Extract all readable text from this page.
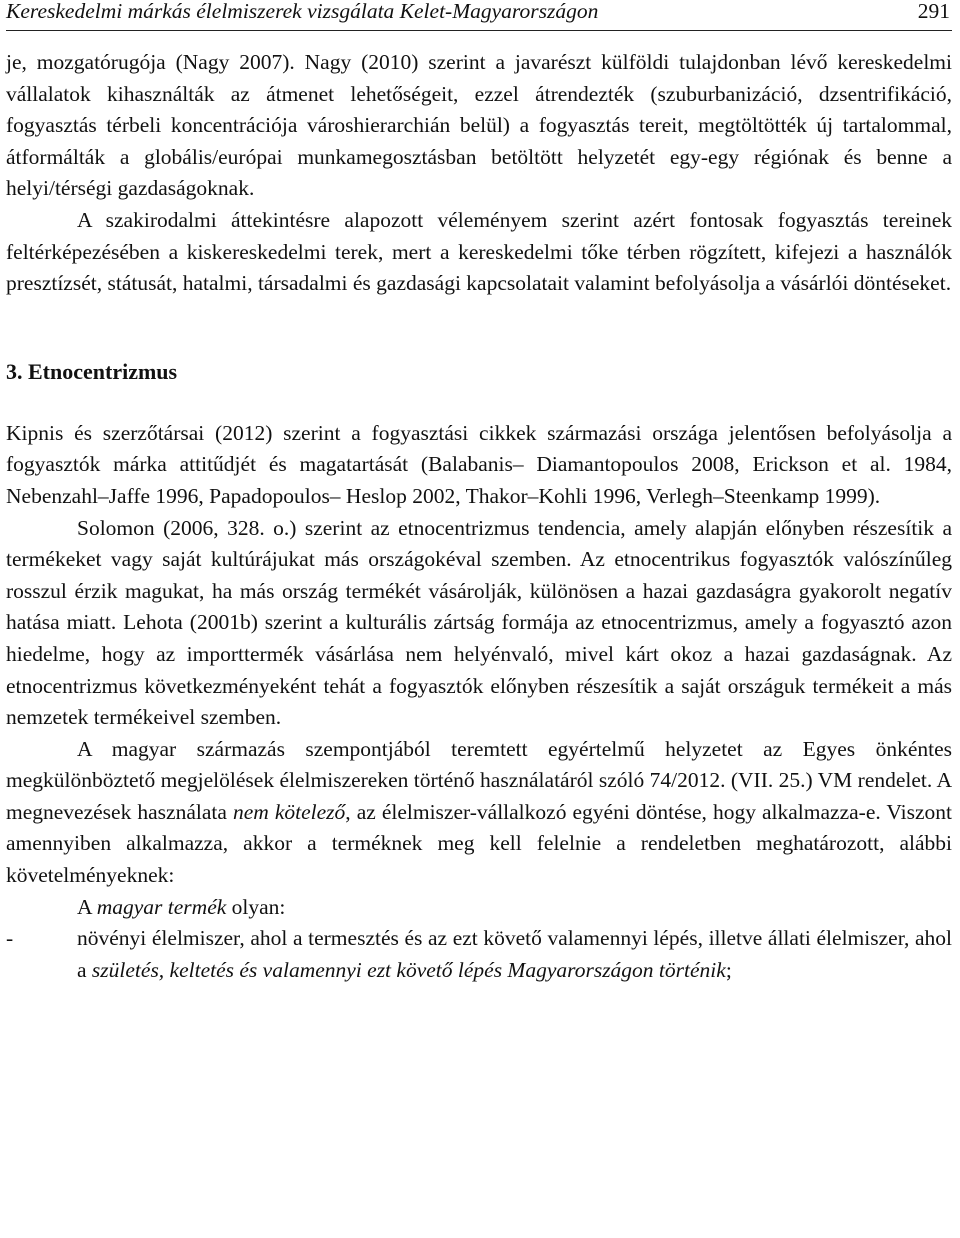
Kereskedelmi márkás élelmiszerek vizsgálata Kelet-Magyarországon	291

je, mozgatórugója (Nagy 2007). Nagy (2010) szerint a javarészt külföldi tulajdonban lévő kereskedelmi vállalatok kihasználták az átmenet lehetőségeit, ezzel átrendezték (szuburbanizáció, dzsentrifikáció, fogyasztás térbeli koncentrációja városhierarchián belül) a fogyasztás tereit, megtöltötték új tartalommal, átformálták a globális/európai munkamegosztásban betöltött helyzetét egy-egy régiónak és benne a helyi/térségi gazdaságoknak.

A szakirodalmi áttekintésre alapozott véleményem szerint azért fontosak fogyasztás tereinek feltérképezésében a kiskereskedelmi terek, mert a kereskedelmi tőke térben rögzített, kifejezi a használók presztízsét, státusát, hatalmi, társadalmi és gazdasági kapcsolatait valamint befolyásolja a vásárlói döntéseket.

3. Etnocentrizmus

Kipnis és szerzőtársai (2012) szerint a fogyasztási cikkek származási országa jelentősen befolyásolja a fogyasztók márka attitűdjét és magatartását (Balabanis– Diamantopoulos 2008, Erickson et al. 1984, Nebenzahl–Jaffe 1996, Papadopoulos– Heslop 2002, Thakor–Kohli 1996, Verlegh–Steenkamp 1999).

Solomon (2006, 328. o.) szerint az etnocentrizmus tendencia, amely alapján előnyben részesítik a termékeket vagy saját kultúrájukat más országokéval szemben. Az etnocentrikus fogyasztók valószínűleg rosszul érzik magukat, ha más ország termékét vásárolják, különösen a hazai gazdaságra gyakorolt negatív hatása miatt. Lehota (2001b) szerint a kulturális zártság formája az etnocentrizmus, amely a fogyasztó azon hiedelme, hogy az importtermék vásárlása nem helyénvaló, mivel kárt okoz a hazai gazdaságnak. Az etnocentrizmus következményeként tehát a fogyasztók előnyben részesítik a saját országuk termékeit a más nemzetek termékeivel szemben.

A magyar származás szempontjából teremtett egyértelmű helyzetet az Egyes önkéntes megkülönböztető megjelölések élelmiszereken történő használatáról szóló 74/2012. (VII. 25.) VM rendelet. A megnevezések használata nem kötelező, az élelmiszer-vállalkozó egyéni döntése, hogy alkalmazza-e. Viszont amennyiben alkalmazza, akkor a terméknek meg kell felelnie a rendeletben meghatározott, alábbi követelményeknek:

A magyar termék olyan:

-	növényi élelmiszer, ahol a termesztés és az ezt követő valamennyi lépés, illetve állati élelmiszer, ahol a születés, keltetés és valamennyi ezt követő lépés Magyarországon történik;
